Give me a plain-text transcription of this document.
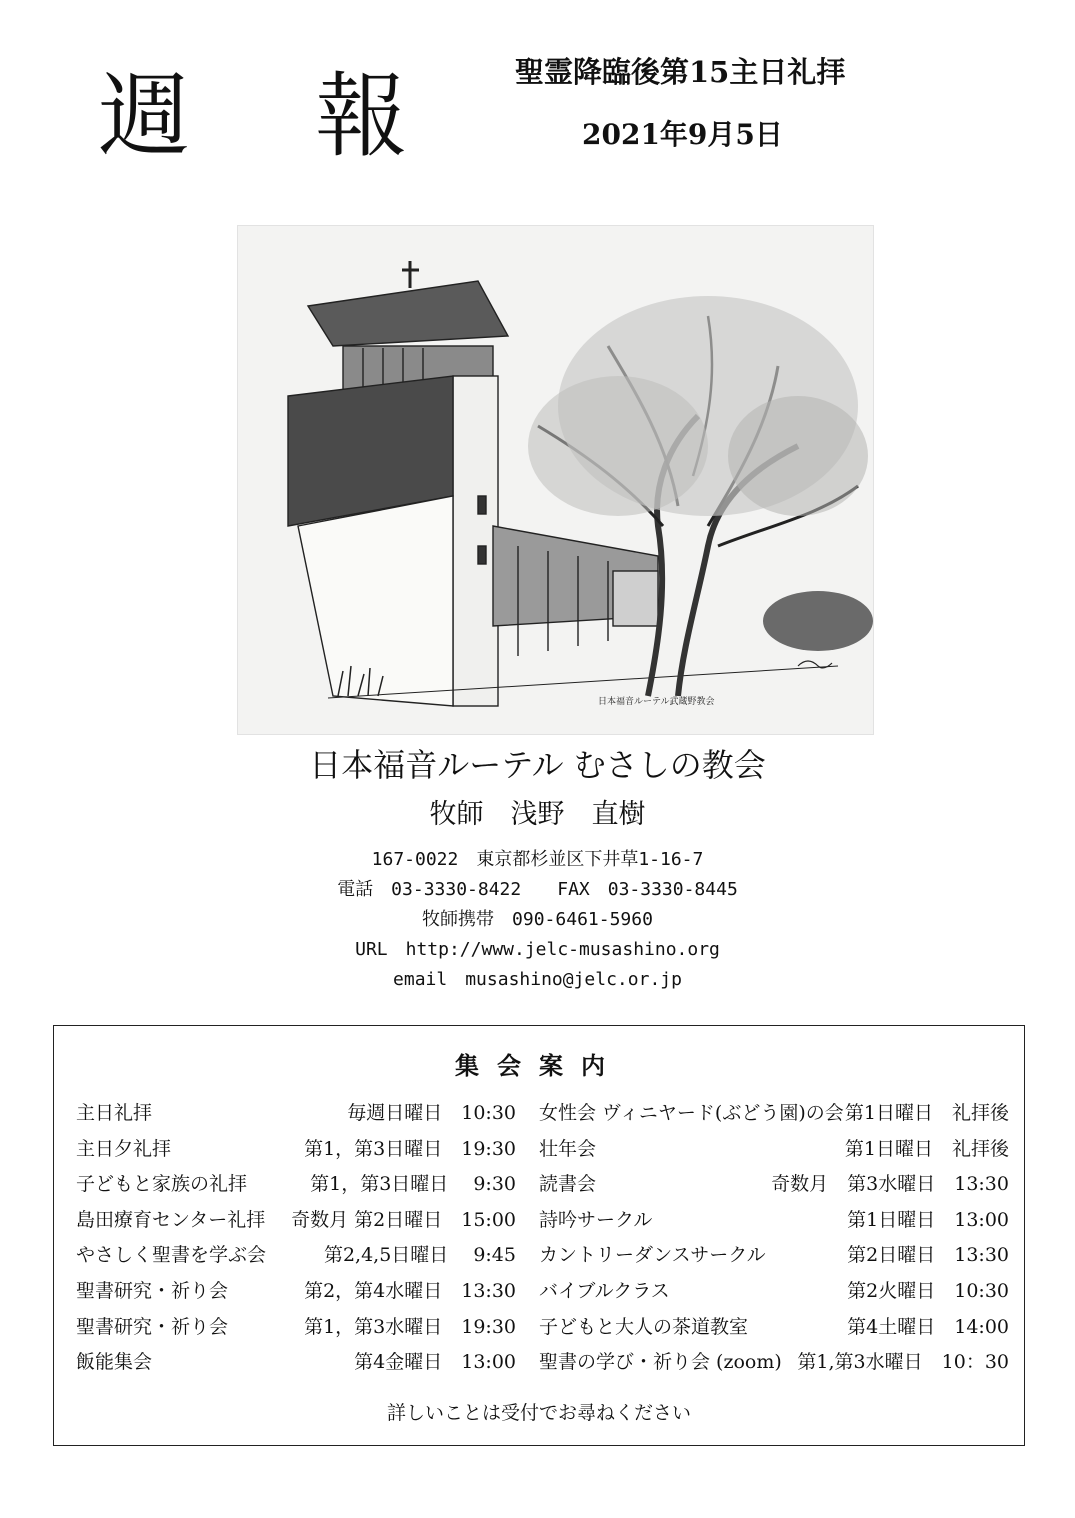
週 報 聖霊降臨後第15主日礼拝
2021年9月5日
日本福音ルーテル武蔵野教会
日本福音ルーテル むさしの教会
牧師　浅野　直樹
167-0022　東京都杉並区下井草1-16-7
電話　03-3330-8422　　FAX　03-3330-8445
牧師携帯　090-6461-5960
URL　http://www.jelc-musashino.org
email　musashino@jelc.or.jp
集会案内
主日礼拝	毎週日曜日　10:30
主日夕礼拝	第1，第3日曜日　19:30
子どもと家族の礼拝	第1，第3日曜日　 9:30
島田療育センター礼拝 奇数月 第2日曜日　15:00
やさしく聖書を学ぶ会	第2,4,5日曜日　 9:45
聖書研究・祈り会	第2，第4水曜日　13:30
聖書研究・祈り会	第1，第3水曜日　19:30
飯能集会	第4金曜日　13:00
女性会 ヴィニヤード(ぶどう園)の会 第1日曜日　礼拝後
壮年会	第1日曜日　礼拝後
読書会	奇数月　第3水曜日　13:30
詩吟サークル	第1日曜日　13:00
カントリーダンスサークル	第2日曜日　13:30
バイブルクラス	第2火曜日　10:30
子どもと大人の茶道教室	第4土曜日　14:00
聖書の学び・祈り会 (zoom) 第1,第3水曜日　10：30
詳しいことは受付でお尋ねください
